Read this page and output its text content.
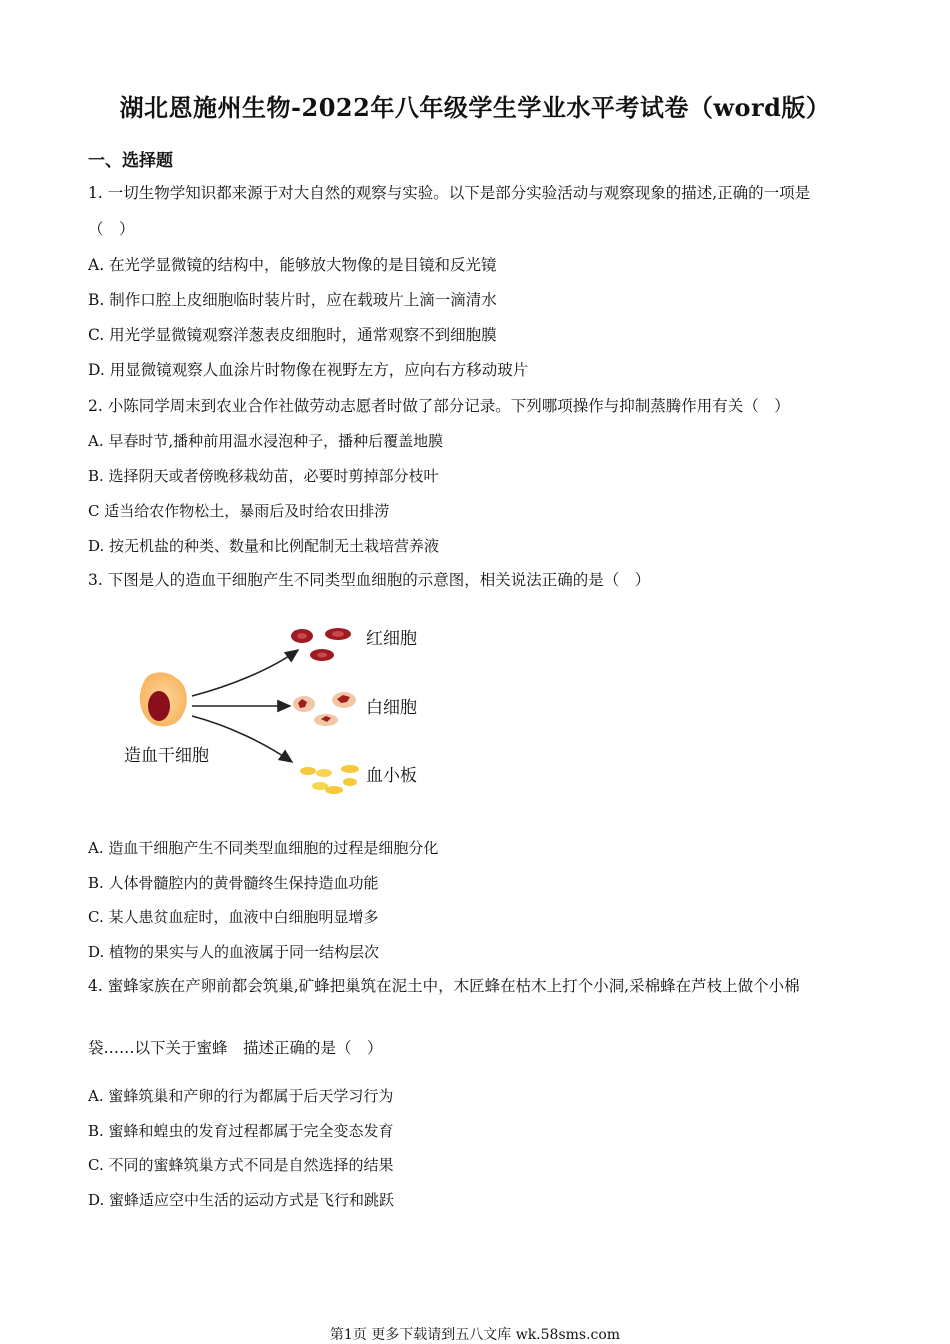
湖北恩施州生物-2022年八年级学生学业水平考试卷（word版）
一、选择题
1. 一切生物学知识都来源于对大自然的观察与实验。以下是部分实验活动与观察现象的描述,正确的一项是
（　）
A. 在光学显微镜的结构中，能够放大物像的是目镜和反光镜
B. 制作口腔上皮细胞临时装片时，应在载玻片上滴一滴清水
C. 用光学显微镜观察洋葱表皮细胞时，通常观察不到细胞膜
D. 用显微镜观察人血涂片时物像在视野左方，应向右方移动玻片
2. 小陈同学周末到农业合作社做劳动志愿者时做了部分记录。下列哪项操作与抑制蒸腾作用有关（　）
A. 早春时节,播种前用温水浸泡种子，播种后覆盖地膜
B. 选择阴天或者傍晚移栽幼苗，必要时剪掉部分枝叶
C 适当给农作物松土，暴雨后及时给农田排涝
D. 按无机盐的种类、数量和比例配制无土栽培营养液
3. 下图是人的造血干细胞产生不同类型血细胞的示意图，相关说法正确的是（　）
红细胞
白细胞
血小板
造血干细胞
A. 造血干细胞产生不同类型血细胞的过程是细胞分化
B. 人体骨髓腔内的黄骨髓终生保持造血功能
C. 某人患贫血症时，血液中白细胞明显增多
D. 植物的果实与人的血液属于同一结构层次
4. 蜜蜂家族在产卵前都会筑巢,矿蜂把巢筑在泥土中，木匠蜂在枯木上打个小洞,采棉蜂在芦枝上做个小棉
袋……以下关于蜜蜂　描述正确的是（　）
A. 蜜蜂筑巢和产卵的行为都属于后天学习行为
B. 蜜蜂和蝗虫的发育过程都属于完全变态发育
C. 不同的蜜蜂筑巢方式不同是自然选择的结果
D. 蜜蜂适应空中生活的运动方式是飞行和跳跃
第1页 更多下载请到五八文库 wk.58sms.com
